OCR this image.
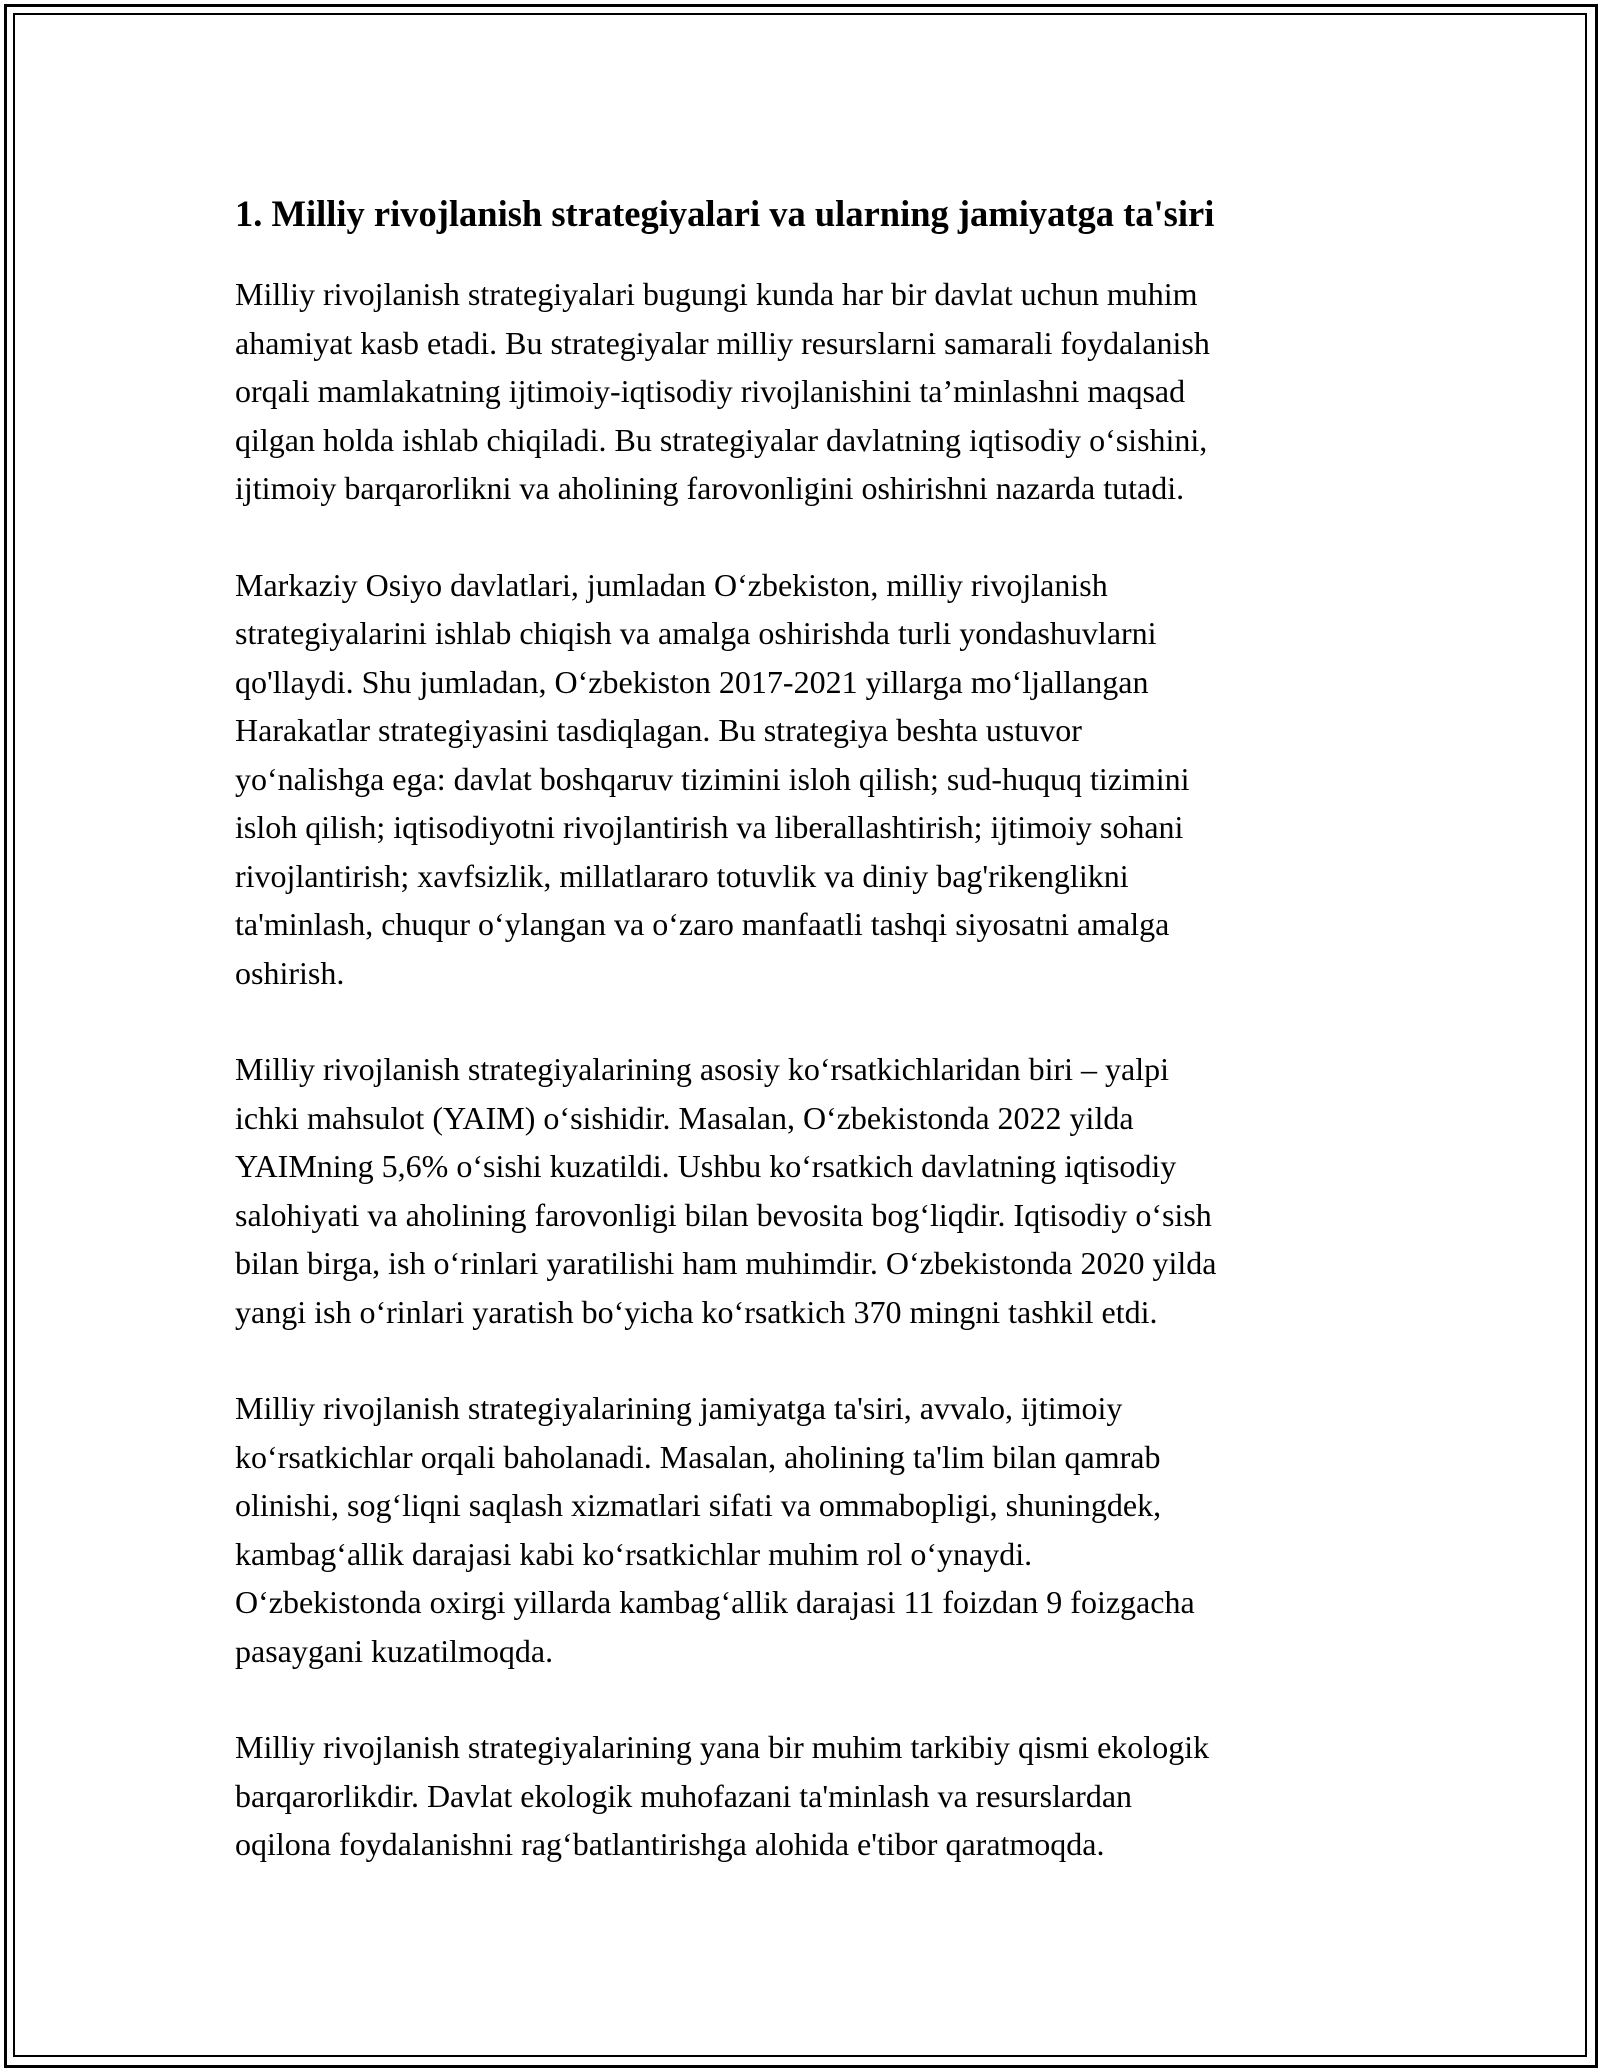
1. Milliy rivojlanish strategiyalari va ularning jamiyatga ta'siri

Milliy rivojlanish strategiyalari bugungi kunda har bir davlat uchun muhim
ahamiyat kasb etadi. Bu strategiyalar milliy resurslarni samarali foydalanish
orqali mamlakatning ijtimoiy-iqtisodiy rivojlanishini ta’minlashni maqsad
qilgan holda ishlab chiqiladi. Bu strategiyalar davlatning iqtisodiy o‘sishini,
ijtimoiy barqarorlikni va aholining farovonligini oshirishni nazarda tutadi.

Markaziy Osiyo davlatlari, jumladan O‘zbekiston, milliy rivojlanish
strategiyalarini ishlab chiqish va amalga oshirishda turli yondashuvlarni
qo'llaydi. Shu jumladan, O‘zbekiston 2017-2021 yillarga mo‘ljallangan
Harakatlar strategiyasini tasdiqlagan. Bu strategiya beshta ustuvor
yo‘nalishga ega: davlat boshqaruv tizimini isloh qilish; sud-huquq tizimini
isloh qilish; iqtisodiyotni rivojlantirish va liberallashtirish; ijtimoiy sohani
rivojlantirish; xavfsizlik, millatlararo totuvlik va diniy bag'rikenglikni
ta'minlash, chuqur o‘ylangan va o‘zaro manfaatli tashqi siyosatni amalga
oshirish.

Milliy rivojlanish strategiyalarining asosiy ko‘rsatkichlaridan biri – yalpi
ichki mahsulot (YAIM) o‘sishidir. Masalan, O‘zbekistonda 2022 yilda
YAIMning 5,6% o‘sishi kuzatildi. Ushbu ko‘rsatkich davlatning iqtisodiy
salohiyati va aholining farovonligi bilan bevosita bog‘liqdir. Iqtisodiy o‘sish
bilan birga, ish o‘rinlari yaratilishi ham muhimdir. O‘zbekistonda 2020 yilda
yangi ish o‘rinlari yaratish bo‘yicha ko‘rsatkich 370 mingni tashkil etdi.

Milliy rivojlanish strategiyalarining jamiyatga ta'siri, avvalo, ijtimoiy
ko‘rsatkichlar orqali baholanadi. Masalan, aholining ta'lim bilan qamrab
olinishi, sog‘liqni saqlash xizmatlari sifati va ommabopligi, shuningdek,
kambag‘allik darajasi kabi ko‘rsatkichlar muhim rol o‘ynaydi.
O‘zbekistonda oxirgi yillarda kambag‘allik darajasi 11 foizdan 9 foizgacha
pasaygani kuzatilmoqda.

Milliy rivojlanish strategiyalarining yana bir muhim tarkibiy qismi ekologik
barqarorlikdir. Davlat ekologik muhofazani ta'minlash va resurslardan
oqilona foydalanishni rag‘batlantirishga alohida e'tibor qaratmoqda.
